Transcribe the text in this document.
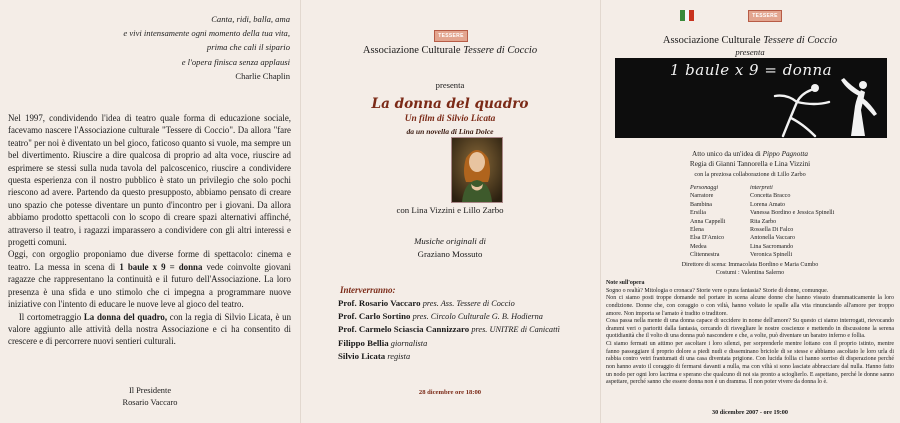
Canta, ridi, balla, ama
e vivi intensamente ogni momento della tua vita,
prima che cali il sipario
e l'opera finisca senza applausi
Charlie Chaplin

Nel 1997, condividendo l'idea di teatro quale forma di educazione sociale, facevamo nascere l'Associazione culturale "Tessere di Coccio". Da allora "fare teatro" per noi è diventato un bel gioco, faticoso quanto si vuole, ma sempre un bel divertimento. Riuscire a dire qualcosa di proprio ad alta voce, riuscire ad esprimere se stessi sulla nuda tavola del palcoscenico, riuscire a condividere questa esperienza con il nostro pubblico è stato un privilegio che solo pochi riescono ad avere. Partendo da questo presupposto, abbiamo pensato di creare uno spazio che potesse diventare un punto d'incontro per i giovani. Da allora abbiamo prodotto spettacoli con lo scopo di creare spazi alternativi affinché, attraverso il teatro, i ragazzi imparassero a condividere con gli altri interessi e progetti comuni.

Oggi, con orgoglio proponiamo due diverse forme di spettacolo: cinema e teatro. La messa in scena di 1 baule x 9 = donna vede coinvolte giovani ragazze che rappresentano la continuità e il futuro dell'Associazione. La loro presenza è una sfida e uno stimolo che ci impegna a programmare nuove iniziative con l'intento di educare le nuove leve al gioco del teatro.

Il cortometraggio La donna del quadro, con la regia di Silvio Licata, è un valore aggiunto alle attività della nostra Associazione e ci ha consentito di crescere e di percorrere nuovi sentieri culturali.

Il Presidente
Rosario Vaccaro
TESSERE
Associazione Culturale Tessere di Coccio
presenta
La donna del quadro
Un film di Silvio Licata
da un novella di Lina Dolce
con Lina Vizzini e Lillo Zarbo
Musiche originali di
Graziano Mossuto
Interverranno:
Prof. Rosario Vaccaro pres. Ass. Tessere di Coccio
Prof. Carlo Sortino pres. Circolo Culturale G. B. Hodierna
Prof. Carmelo Sciascia Cannizzaro pres. UNITRE di Canicattì
Filippo Bellia giornalista
Silvio Licata regista
28 dicembre ore 18:00
TESSERE
Associazione Culturale Tessere di Coccio
presenta
1 baule x 9 = donna
Atto unico da un'idea di Pippo Pagnotta
Regia di Gianni Tannorella e Lina Vizzini
con la preziosa collaborazione di Lillo Zarbo
Personaggi
Narratore
Bambina
Ersilia
Anna Cappelli
Elena
Elsa D'Amico
Medea
Clitennestra
interpreti
Concetta Bracco
Lorena Amato
Vanessa Bordino e Jessica Spinelli
Rita Zarbo
Rossella Di Falco
Antonella Vaccaro
Lina Sacromando
Veronica Spinelli
Direttore di scena: Immacolata Bordino e Maria Cumbo
Costumi : Valentina Salerno
Note sull'opera
Sogno o realtà? Mitologia o cronaca? Storie vere o pura fantasia? Storie di donne, comunque.
Non ci siamo posti troppe domande nel portare in scena alcune donne che hanno vissuto drammaticamente la loro condizione. Donne che, con coraggio o con viltà, hanno voltato le spalle alla vita rinunciando all'amore per troppo amore. Non importa se l'amato è tradito o traditore.
Cosa passa nella mente di una donna capace di uccidere in nome dell'amore? Su questo ci siamo interrogati, rievocando drammi veri o partoriti dalla fantasia, cercando di risvegliare le nostre coscienze e mettendo in discussione la serena quotidianità che il volto di una donna può nascondere e che, a volte, può diventare un baratro inferno e follia.
Ci siamo fermati un attimo per ascoltare i loro silenzi, per sorprenderle mentre lottano con il proprio istinto, mentre fanno passeggiare il proprio dolore a piedi nudi e disseminano briciole di se stesse e abbiamo ascoltato le loro urla di rabbia contro vetri frantumati di una casa diventata prigione. Con lucida follia ci hanno sorriso di disperazione perché non hanno avuto il coraggio di fermarsi davanti a nulla, ma con viltà si sono lasciate abbracciare dal nulla. Hanno fatto un nodo per ogni loro lacrima e sperano che qualcuno di noi sia pronto a scioglierlo. E aspettano, perché le donne sanno aspettare, perché sanno che essere donna non è un dramma. Il non poter vivere da donna lo è.
30 dicembre 2007 - ore 19:00
